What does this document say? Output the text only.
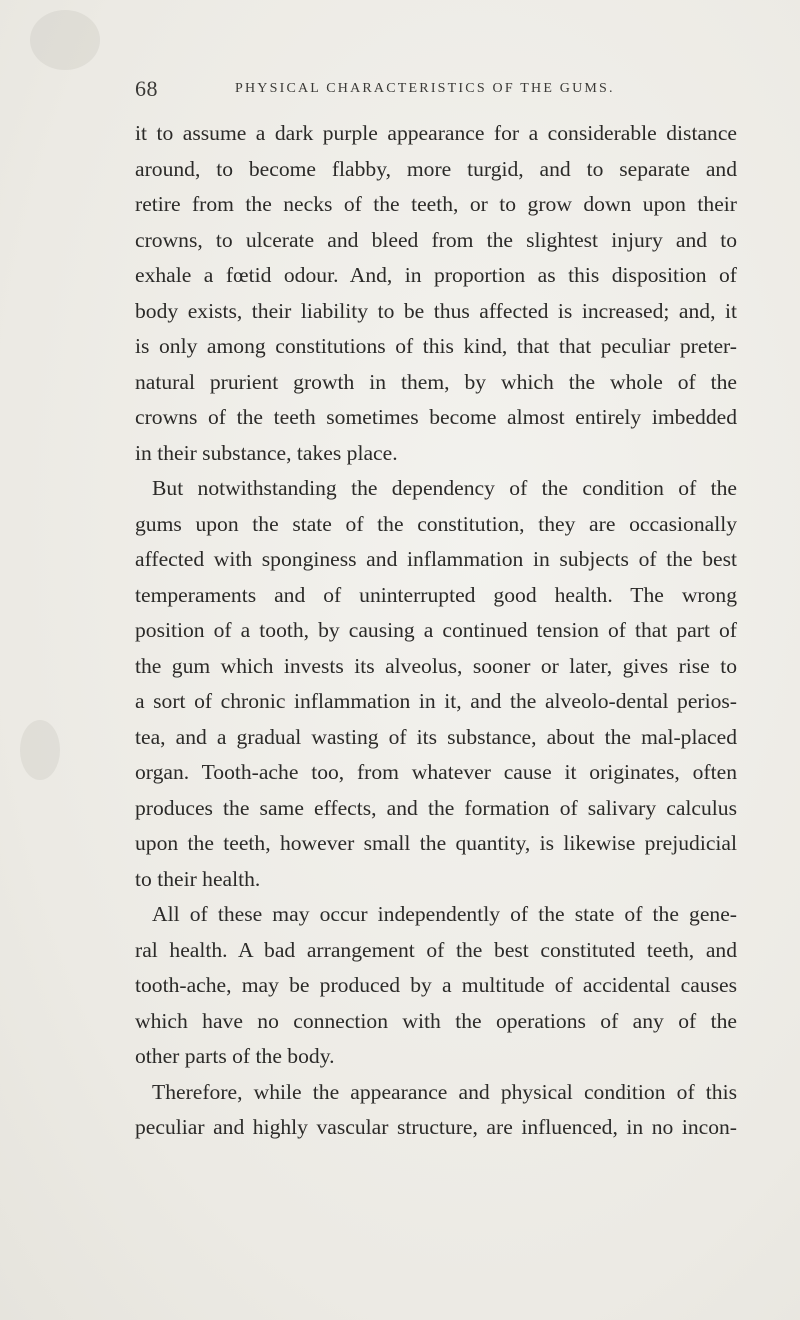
68	PHYSICAL CHARACTERISTICS OF THE GUMS.
it to assume a dark purple appearance for a considerable distance
around, to become flabby, more turgid, and to separate and
retire from the necks of the teeth, or to grow down upon their
crowns, to ulcerate and bleed from the slightest injury and to
exhale a fœtid odour. And, in proportion as this disposition of
body exists, their liability to be thus affected is increased; and, it
is only among constitutions of this kind, that that peculiar preter-
natural prurient growth in them, by which the whole of the
crowns of the teeth sometimes become almost entirely imbedded
in their substance, takes place.
But notwithstanding the dependency of the condition of the
gums upon the state of the constitution, they are occasionally
affected with sponginess and inflammation in subjects of the best
temperaments and of uninterrupted good health. The wrong
position of a tooth, by causing a continued tension of that part of
the gum which invests its alveolus, sooner or later, gives rise to
a sort of chronic inflammation in it, and the alveolo-dental perios-
tea, and a gradual wasting of its substance, about the mal-placed
organ. Tooth-ache too, from whatever cause it originates, often
produces the same effects, and the formation of salivary calculus
upon the teeth, however small the quantity, is likewise prejudicial
to their health.
All of these may occur independently of the state of the gene-
ral health. A bad arrangement of the best constituted teeth, and
tooth-ache, may be produced by a multitude of accidental causes
which have no connection with the operations of any of the
other parts of the body.
Therefore, while the appearance and physical condition of this
peculiar and highly vascular structure, are influenced, in no incon-
